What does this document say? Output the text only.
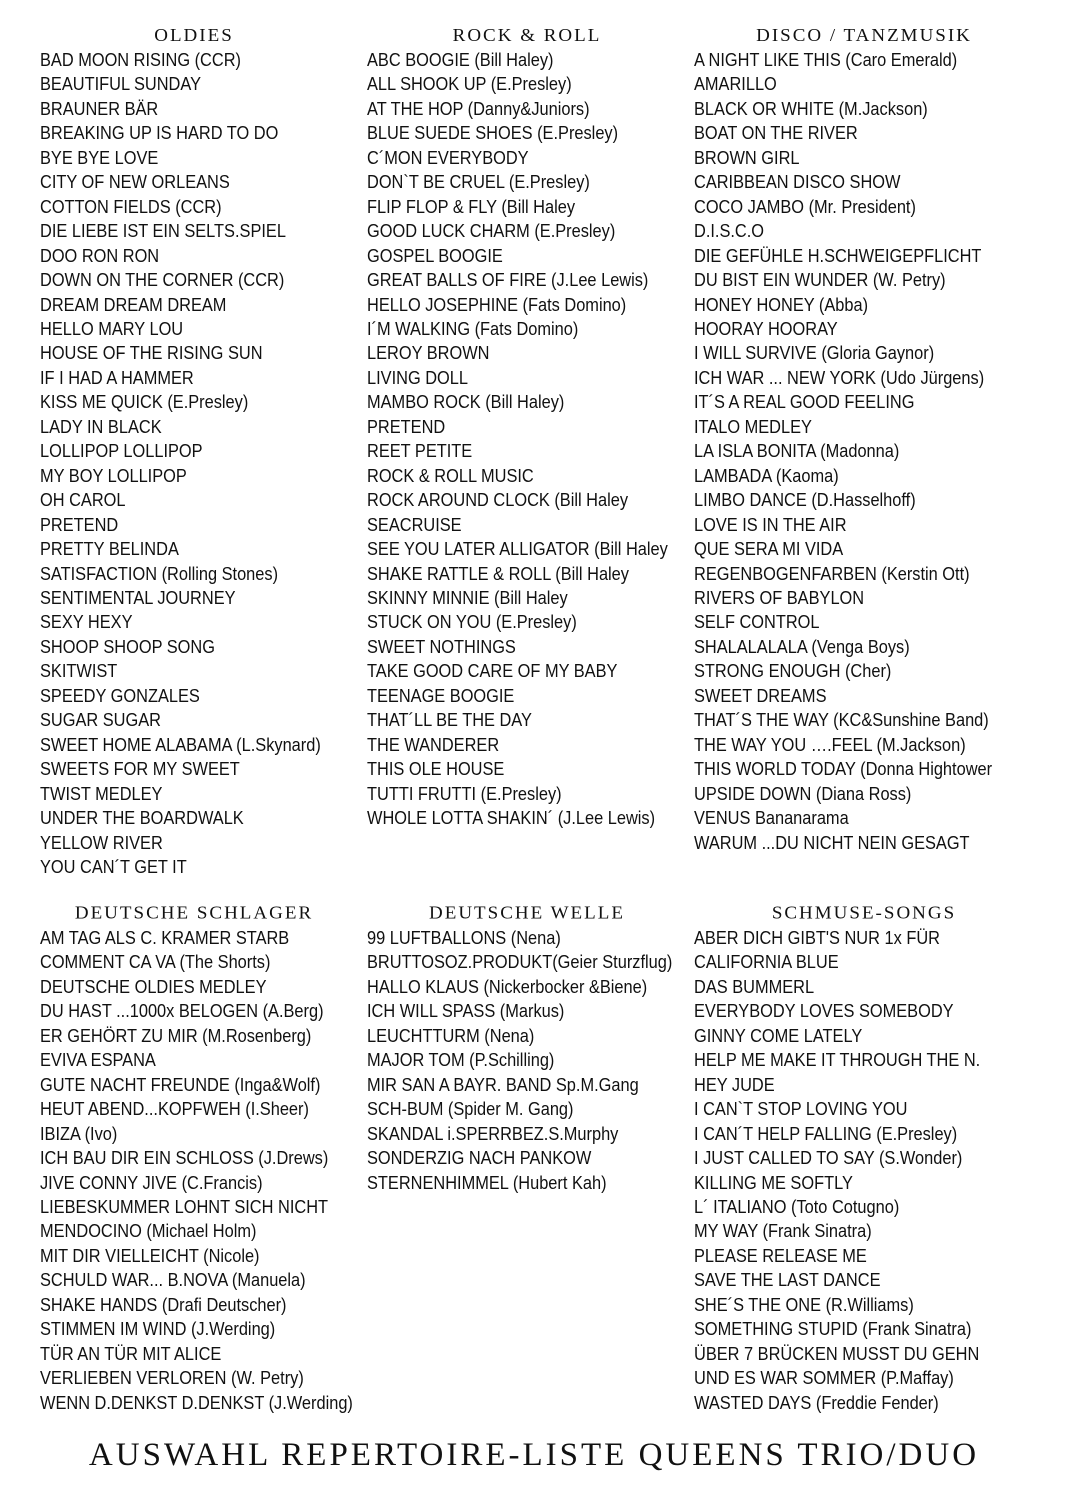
OLDIES
BAD MOON RISING (CCR)
BEAUTIFUL SUNDAY
BRAUNER BÄR
BREAKING UP IS HARD TO DO
BYE BYE LOVE
CITY OF NEW ORLEANS
COTTON FIELDS (CCR)
DIE LIEBE IST EIN SELTS.SPIEL
DOO RON RON
DOWN ON THE CORNER (CCR)
DREAM DREAM DREAM
HELLO MARY LOU
HOUSE OF THE RISING SUN
IF I HAD A HAMMER
KISS ME QUICK (E.Presley)
LADY IN BLACK
LOLLIPOP LOLLIPOP
MY BOY LOLLIPOP
OH CAROL
PRETEND
PRETTY BELINDA
SATISFACTION (Rolling Stones)
SENTIMENTAL JOURNEY
SEXY HEXY
SHOOP SHOOP SONG
SKITWIST
SPEEDY GONZALES
SUGAR SUGAR
SWEET HOME ALABAMA (L.Skynard)
SWEETS FOR MY SWEET
TWIST MEDLEY
UNDER THE BOARDWALK
YELLOW RIVER
YOU CAN´T GET IT
ROCK & ROLL
ABC BOOGIE (Bill Haley)
ALL SHOOK UP (E.Presley)
AT THE HOP (Danny&Juniors)
BLUE SUEDE SHOES (E.Presley)
C´MON EVERYBODY
DON`T BE CRUEL (E.Presley)
FLIP FLOP & FLY (Bill Haley
GOOD LUCK CHARM (E.Presley)
GOSPEL BOOGIE
GREAT BALLS OF FIRE (J.Lee Lewis)
HELLO JOSEPHINE (Fats Domino)
I´M WALKING (Fats Domino)
LEROY BROWN
LIVING DOLL
MAMBO ROCK (Bill Haley)
PRETEND
REET PETITE
ROCK & ROLL MUSIC
ROCK AROUND CLOCK (Bill Haley
SEACRUISE
SEE YOU LATER ALLIGATOR (Bill Haley
SHAKE RATTLE & ROLL (Bill Haley
SKINNY MINNIE (Bill Haley
STUCK ON YOU (E.Presley)
SWEET NOTHINGS
TAKE GOOD CARE OF MY BABY
TEENAGE BOOGIE
THAT´LL BE THE DAY
THE WANDERER
THIS OLE HOUSE
TUTTI FRUTTI (E.Presley)
WHOLE LOTTA SHAKIN´ (J.Lee Lewis)
DISCO / TANZMUSIK
A NIGHT LIKE THIS (Caro Emerald)
AMARILLO
BLACK OR WHITE (M.Jackson)
BOAT ON THE RIVER
BROWN GIRL
CARIBBEAN DISCO SHOW
COCO JAMBO (Mr. President)
D.I.S.C.O
DIE GEFÜHLE H.SCHWEIGEPFLICHT
DU BIST EIN WUNDER (W. Petry)
HONEY HONEY (Abba)
HOORAY HOORAY
I WILL SURVIVE (Gloria Gaynor)
ICH WAR ... NEW YORK (Udo Jürgens)
IT´S A REAL GOOD FEELING
ITALO MEDLEY
LA ISLA BONITA (Madonna)
LAMBADA (Kaoma)
LIMBO DANCE (D.Hasselhoff)
LOVE IS IN THE AIR
QUE SERA MI VIDA
REGENBOGENFARBEN (Kerstin Ott)
RIVERS OF BABYLON
SELF CONTROL
SHALALALALA (Venga Boys)
STRONG ENOUGH (Cher)
SWEET DREAMS
THAT´S THE WAY (KC&Sunshine Band)
THE WAY YOU ….FEEL (M.Jackson)
THIS WORLD TODAY (Donna Hightower
UPSIDE DOWN (Diana Ross)
VENUS Bananarama
WARUM ...DU NICHT NEIN GESAGT
DEUTSCHE SCHLAGER
AM TAG ALS C. KRAMER STARB
COMMENT CA VA (The Shorts)
DEUTSCHE OLDIES MEDLEY
DU HAST ...1000x BELOGEN (A.Berg)
ER GEHÖRT ZU MIR (M.Rosenberg)
EVIVA ESPANA
GUTE NACHT FREUNDE (Inga&Wolf)
HEUT ABEND...KOPFWEH (I.Sheer)
IBIZA (Ivo)
ICH BAU DIR EIN SCHLOSS (J.Drews)
JIVE CONNY JIVE (C.Francis)
LIEBESKUMMER LOHNT SICH NICHT
MENDOCINO (Michael Holm)
MIT DIR VIELLEICHT (Nicole)
SCHULD WAR... B.NOVA (Manuela)
SHAKE HANDS (Drafi Deutscher)
STIMMEN IM WIND (J.Werding)
TÜR AN TÜR MIT ALICE
VERLIEBEN VERLOREN (W. Petry)
WENN D.DENKST D.DENKST (J.Werding)
DEUTSCHE WELLE
99 LUFTBALLONS (Nena)
BRUTTOSOZ.PRODUKT(Geier Sturzflug)
HALLO KLAUS (Nickerbocker &Biene)
ICH WILL SPASS (Markus)
LEUCHTTURM (Nena)
MAJOR TOM (P.Schilling)
MIR SAN A BAYR. BAND Sp.M.Gang
SCH-BUM (Spider M. Gang)
SKANDAL i.SPERRBEZ.S.Murphy
SONDERZIG NACH PANKOW
STERNENHIMMEL (Hubert Kah)
SCHMUSE-SONGS
ABER DICH GIBT'S NUR 1x FÜR
CALIFORNIA BLUE
DAS BUMMERL
EVERYBODY LOVES SOMEBODY
GINNY COME LATELY
HELP ME MAKE IT THROUGH THE N.
HEY JUDE
I CAN`T STOP LOVING YOU
I CAN´T HELP FALLING (E.Presley)
I JUST CALLED TO SAY (S.Wonder)
KILLING ME SOFTLY
L´ ITALIANO (Toto Cotugno)
MY WAY (Frank Sinatra)
PLEASE RELEASE ME
SAVE THE LAST DANCE
SHE´S THE ONE (R.Williams)
SOMETHING STUPID (Frank Sinatra)
ÜBER 7 BRÜCKEN MUSST DU GEHN
UND ES WAR SOMMER (P.Maffay)
WASTED DAYS (Freddie Fender)
AUSWAHL REPERTOIRE-LISTE QUEENS TRIO/DUO
